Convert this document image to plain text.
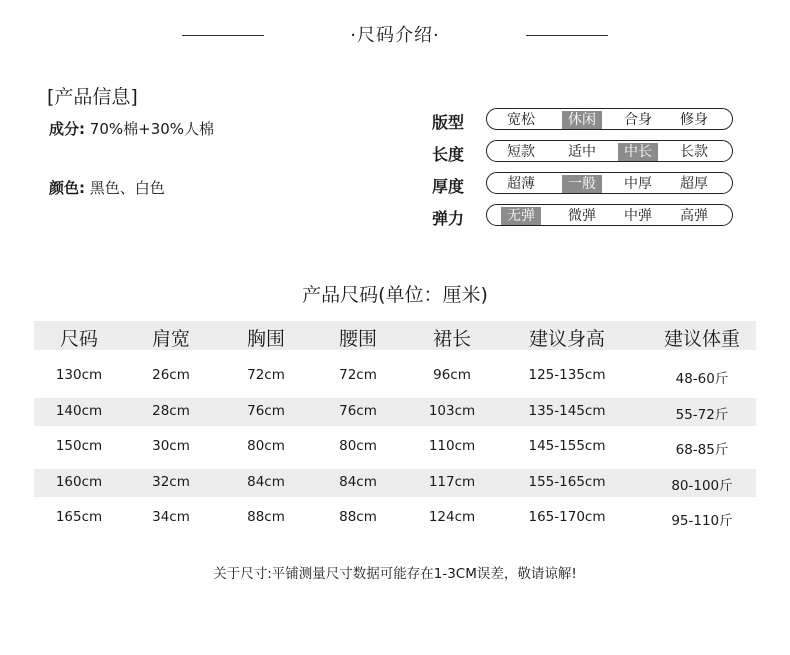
·尺码介绍·
[产品信息]
成分: 70%棉+30%人棉
颜色: 黑色、白色
版型	宽松	休闲	合身	修身
长度	短款	适中	中长	长款
厚度	超薄	一般	中厚	超厚
弹力	无弹	微弹	中弹	高弹
产品尺码(单位：厘米)
尺码	肩宽	胸围	腰围	裙长	建议身高	建议体重
130cm	26cm	72cm	72cm	96cm	125-135cm	48-60斤
140cm	28cm	76cm	76cm	103cm	135-145cm	55-72斤
150cm	30cm	80cm	80cm	110cm	145-155cm	68-85斤
160cm	32cm	84cm	84cm	117cm	155-165cm	80-100斤
165cm	34cm	88cm	88cm	124cm	165-170cm	95-110斤
关于尺寸:平铺测量尺寸数据可能存在1-3CM误差，敬请谅解!
